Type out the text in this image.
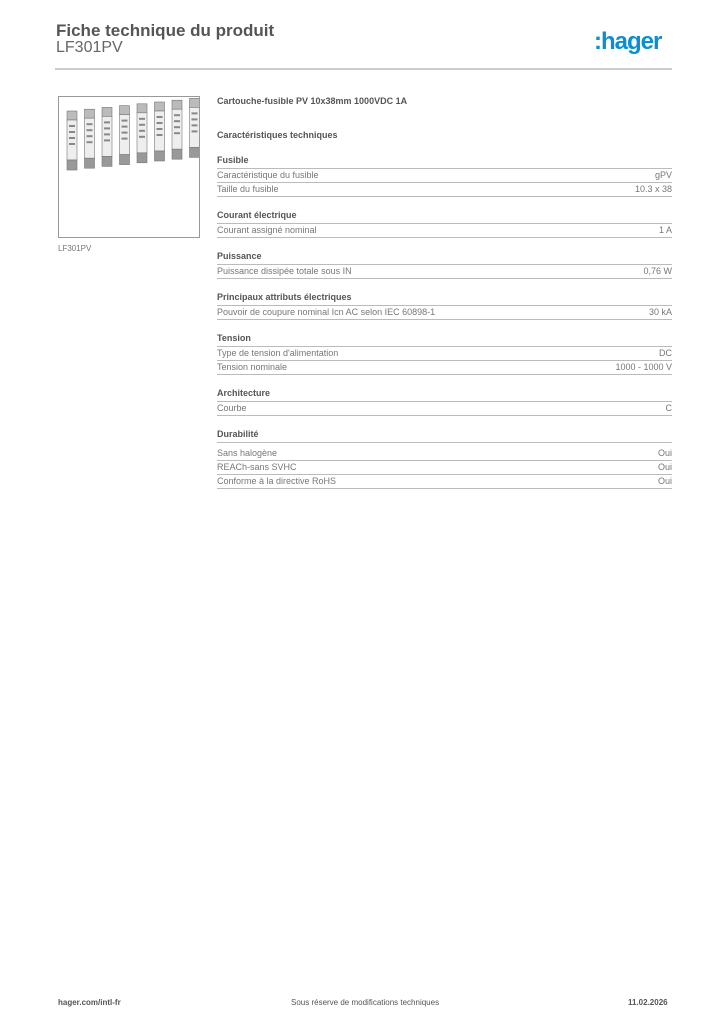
Fiche technique du produit
LF301PV	:hager
LF301PV
Cartouche-fusible PV 10x38mm 1000VDC 1A
Caractéristiques techniques
Fusible
Caractéristique du fusible	gPV
Taille du fusible	10.3 x 38
Courant électrique
Courant assigné nominal	1 A
Puissance
Puissance dissipée totale sous IN	0,76 W
Principaux attributs électriques
Pouvoir de coupure nominal Icn AC selon IEC 60898-1	30 kA
Tension
Type de tension d'alimentation	DC
Tension nominale	1000 - 1000 V
Architecture
Courbe	C
Durabilité
Sans halogène	Oui
REACh-sans SVHC	Oui
Conforme à la directive RoHS	Oui
hager.com/intl-fr	Sous réserve de modifications techniques	11.02.2026
